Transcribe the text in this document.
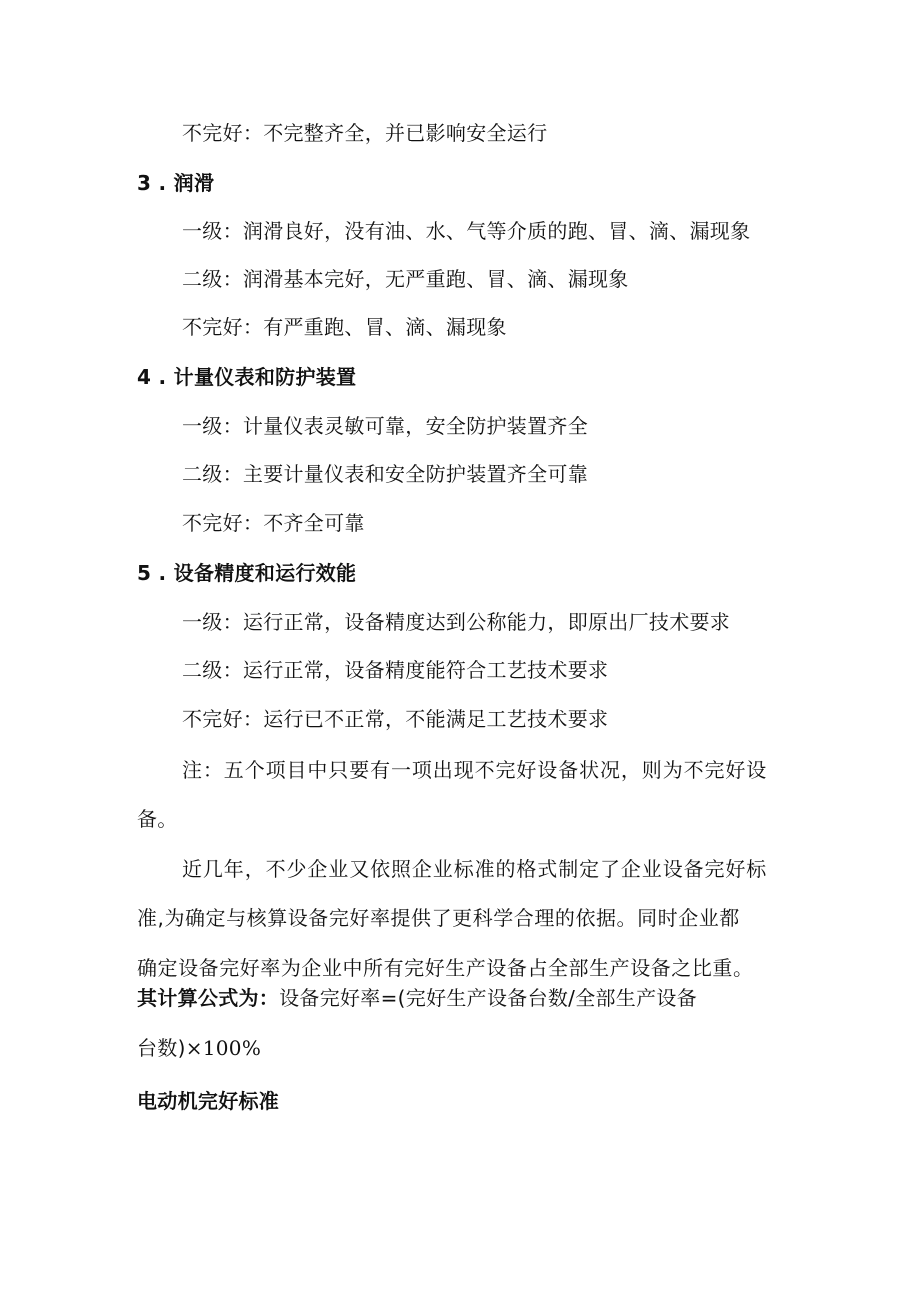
不完好：不完整齐全，并已影响安全运行
3 . 润滑
一级：润滑良好，没有油、水、气等介质的跑、冒、滴、漏现象
二级：润滑基本完好，无严重跑、冒、滴、漏现象
不完好：有严重跑、冒、滴、漏现象
4 . 计量仪表和防护装置
一级：计量仪表灵敏可靠，安全防护装置齐全
二级：主要计量仪表和安全防护装置齐全可靠
不完好：不齐全可靠
5 . 设备精度和运行效能
一级：运行正常，设备精度达到公称能力，即原出厂技术要求
二级：运行正常，设备精度能符合工艺技术要求
不完好：运行已不正常，不能满足工艺技术要求
注：五个项目中只要有一项出现不完好设备状况，则为不完好设
备。
近几年，不少企业又依照企业标准的格式制定了企业设备完好标
准,为确定与核算设备完好率提供了更科学合理的依据。同时企业都
确定设备完好率为企业中所有完好生产设备占全部生产设备之比重。
其计算公式为：设备完好率=(完好生产设备台数/全部生产设备
台数)×100%
电动机完好标准
